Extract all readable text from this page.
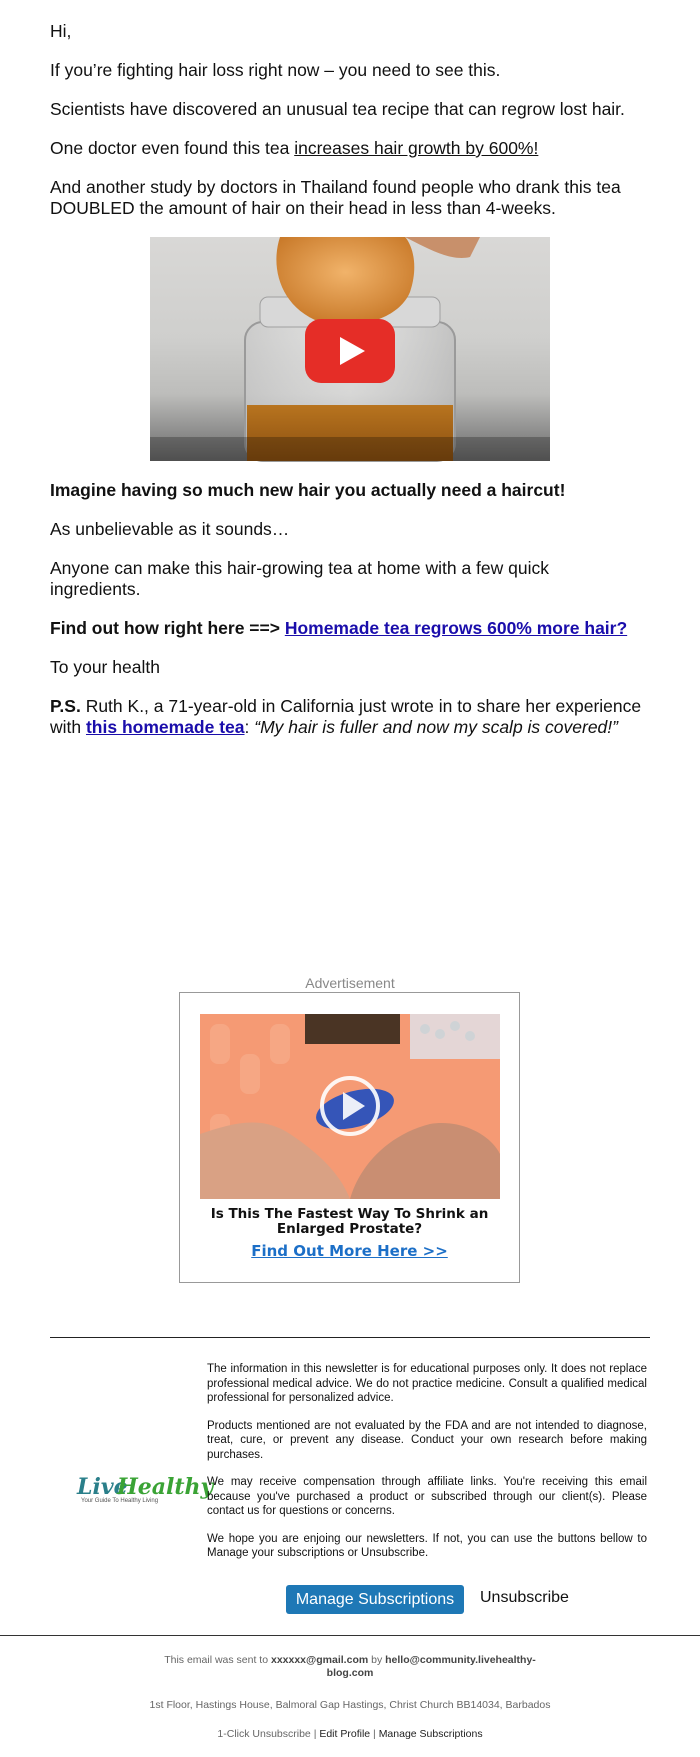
Hi,

If you’re fighting hair loss right now – you need to see this.

Scientists have discovered an unusual tea recipe that can regrow lost hair.

One doctor even found this tea increases hair growth by 600%!

And another study by doctors in Thailand found people who drank this tea DOUBLED the amount of hair on their head in less than 4-weeks.

Imagine having so much new hair you actually need a haircut!

As unbelievable as it sounds…

Anyone can make this hair-growing tea at home with a few quick ingredients.

Find out how right here ==> Homemade tea regrows 600% more hair?

To your health

P.S. Ruth K., a 71-year-old in California just wrote in to share her experience with this homemade tea: “My hair is fuller and now my scalp is covered!”

Advertisement
Is This The Fastest Way To Shrink an Enlarged Prostate?
Find Out More Here >>
Live
Healthy
Your Guide To Healthy Living

The information in this newsletter is for educational purposes only. It does not replace professional medical advice. We do not practice medicine. Consult a qualified medical professional for personalized advice.

Products mentioned are not evaluated by the FDA and are not intended to diagnose, treat, cure, or prevent any disease. Conduct your own research before making purchases.

We may receive compensation through affiliate links. You're receiving this email because you've purchased a product or subscribed through our client(s). Please contact us for questions or concerns.

We hope you are enjoing our newsletters. If not, you can use the buttons bellow to Manage your subscriptions or Unsubscribe.

Manage Subscriptions	Unsubscribe
This email was sent to xxxxxx@gmail.com by hello@community.livehealthy-
blog.com
1st Floor, Hastings House, Balmoral Gap Hastings, Christ Church BB14034, Barbados
1-Click Unsubscribe | Edit Profile | Manage Subscriptions
